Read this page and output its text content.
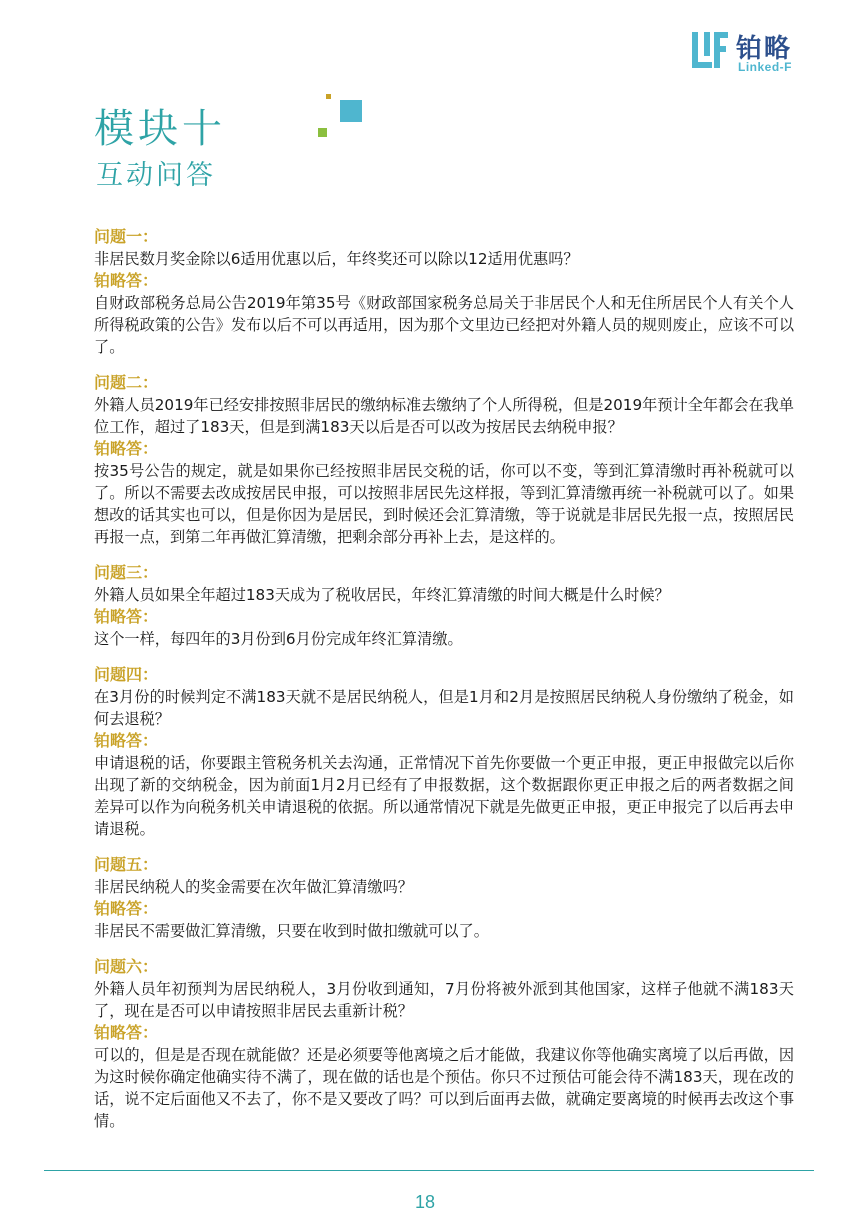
铂略
Linked-F
模块十
互动问答
问题一：
非居民数月奖金除以6适用优惠以后，年终奖还可以除以12适用优惠吗？
铂略答：
自财政部税务总局公告2019年第35号《财政部国家税务总局关于非居民个人和无住所居民个人有关个人所得税政策的公告》发布以后不可以再适用，因为那个文里边已经把对外籍人员的规则废止，应该不可以了。
问题二：
外籍人员2019年已经安排按照非居民的缴纳标准去缴纳了个人所得税，但是2019年预计全年都会在我单位工作，超过了183天，但是到满183天以后是否可以改为按居民去纳税申报？
铂略答：
按35号公告的规定，就是如果你已经按照非居民交税的话，你可以不变，等到汇算清缴时再补税就可以了。所以不需要去改成按居民申报，可以按照非居民先这样报，等到汇算清缴再统一补税就可以了。如果想改的话其实也可以，但是你因为是居民，到时候还会汇算清缴，等于说就是非居民先报一点，按照居民再报一点，到第二年再做汇算清缴，把剩余部分再补上去，是这样的。
问题三：
外籍人员如果全年超过183天成为了税收居民，年终汇算清缴的时间大概是什么时候？
铂略答：
这个一样，每四年的3月份到6月份完成年终汇算清缴。
问题四：
在3月份的时候判定不满183天就不是居民纳税人，但是1月和2月是按照居民纳税人身份缴纳了税金，如何去退税？
铂略答：
申请退税的话，你要跟主管税务机关去沟通，正常情况下首先你要做一个更正申报，更正申报做完以后你出现了新的交纳税金，因为前面1月2月已经有了申报数据，这个数据跟你更正申报之后的两者数据之间差异可以作为向税务机关申请退税的依据。所以通常情况下就是先做更正申报，更正申报完了以后再去申请退税。
问题五：
非居民纳税人的奖金需要在次年做汇算清缴吗？
铂略答：
非居民不需要做汇算清缴，只要在收到时做扣缴就可以了。
问题六：
外籍人员年初预判为居民纳税人，3月份收到通知，7月份将被外派到其他国家，这样子他就不满183天了，现在是否可以申请按照非居民去重新计税？
铂略答：
可以的，但是是否现在就能做？还是必须要等他离境之后才能做，我建议你等他确实离境了以后再做，因为这时候你确定他确实待不满了，现在做的话也是个预估。你只不过预估可能会待不满183天，现在改的话，说不定后面他又不去了，你不是又要改了吗？可以到后面再去做，就确定要离境的时候再去改这个事情。
18
